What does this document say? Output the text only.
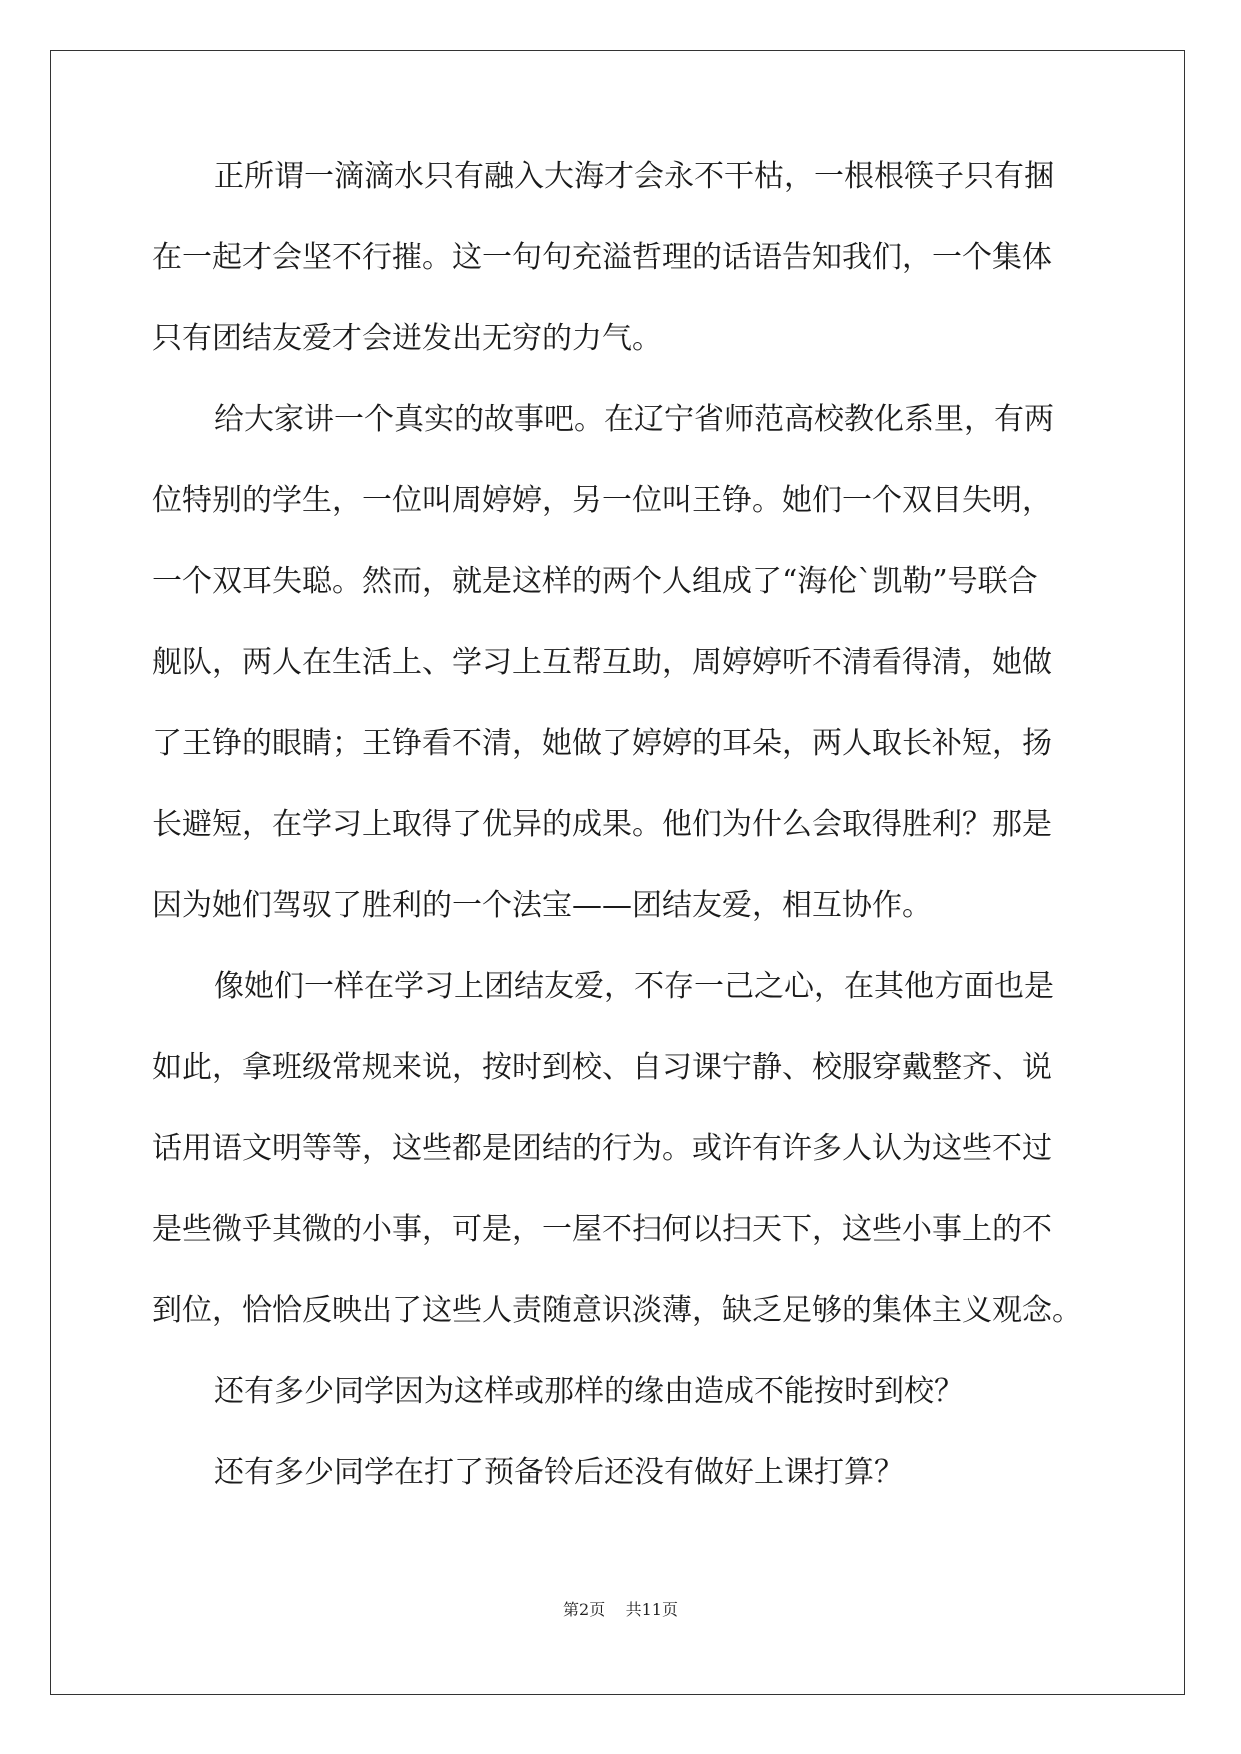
正所谓一滴滴水只有融入大海才会永不干枯，一根根筷子只有捆
在一起才会坚不行摧。这一句句充溢哲理的话语告知我们，一个集体
只有团结友爱才会迸发出无穷的力气。
给大家讲一个真实的故事吧。在辽宁省师范高校教化系里，有两
位特别的学生，一位叫周婷婷，另一位叫王铮。她们一个双目失明，
一个双耳失聪。然而，就是这样的两个人组成了“海伦`凯勒”号联合
舰队，两人在生活上、学习上互帮互助，周婷婷听不清看得清，她做
了王铮的眼睛；王铮看不清，她做了婷婷的耳朵，两人取长补短，扬
长避短，在学习上取得了优异的成果。他们为什么会取得胜利？那是
因为她们驾驭了胜利的一个法宝——团结友爱，相互协作。
像她们一样在学习上团结友爱，不存一己之心，在其他方面也是
如此，拿班级常规来说，按时到校、自习课宁静、校服穿戴整齐、说
话用语文明等等，这些都是团结的行为。或许有许多人认为这些不过
是些微乎其微的小事，可是，一屋不扫何以扫天下，这些小事上的不
到位，恰恰反映出了这些人责随意识淡薄，缺乏足够的集体主义观念。
还有多少同学因为这样或那样的缘由造成不能按时到校？
还有多少同学在打了预备铃后还没有做好上课打算？
第2页 共11页
